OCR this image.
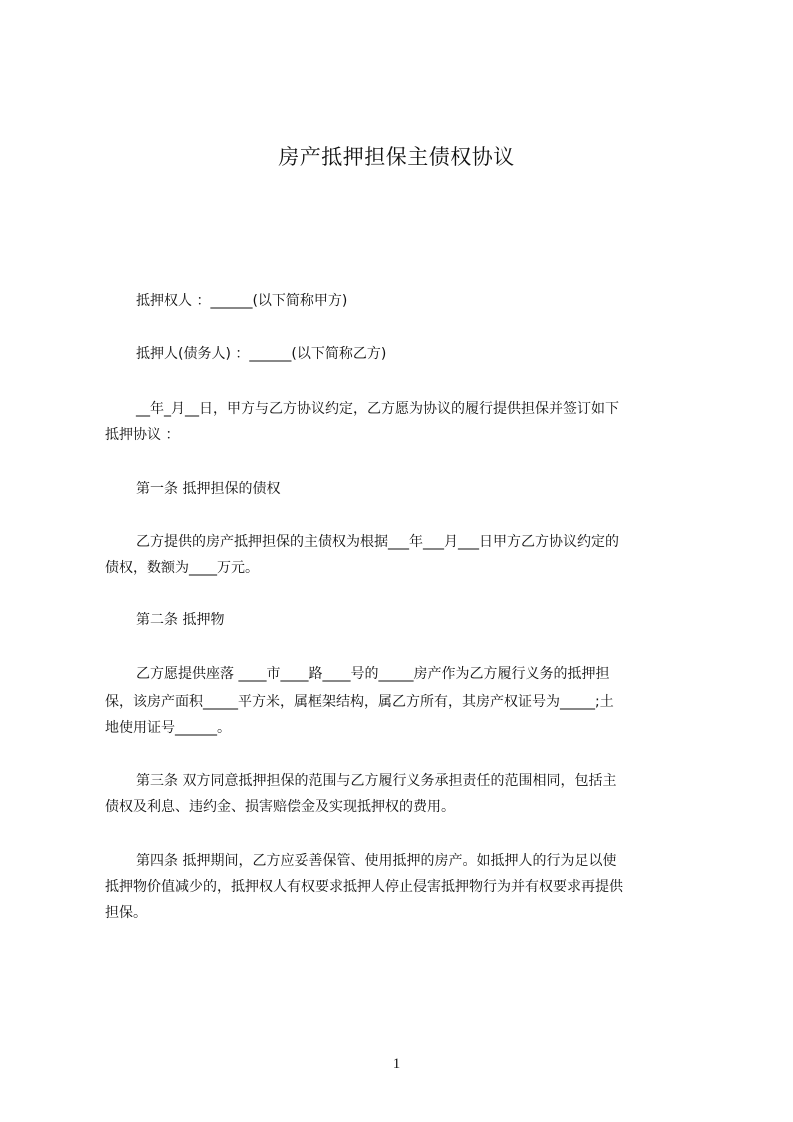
房产抵押担保主债权协议
抵押权人 ：______(以下简称甲方)
抵押人(债务人) ：______(以下简称乙方)
__年_月__日，甲方与乙方协议约定，乙方愿为协议的履行提供担保并签订如下
抵押协议 ：
第一条 抵押担保的债权
乙方提供的房产抵押担保的主债权为根据___年___月___日甲方乙方协议约定的
债权，数额为____万元。
第二条 抵押物
乙方愿提供座落 ____市____路____号的_____房产作为乙方履行义务的抵押担
保，该房产面积_____平方米，属框架结构，属乙方所有，其房产权证号为_____;土
地使用证号______。
第三条 双方同意抵押担保的范围与乙方履行义务承担责任的范围相同，包括主
债权及利息、违约金、损害赔偿金及实现抵押权的费用。
第四条 抵押期间，乙方应妥善保管、使用抵押的房产。如抵押人的行为足以使
抵押物价值减少的，抵押权人有权要求抵押人停止侵害抵押物行为并有权要求再提供
担保。
1
